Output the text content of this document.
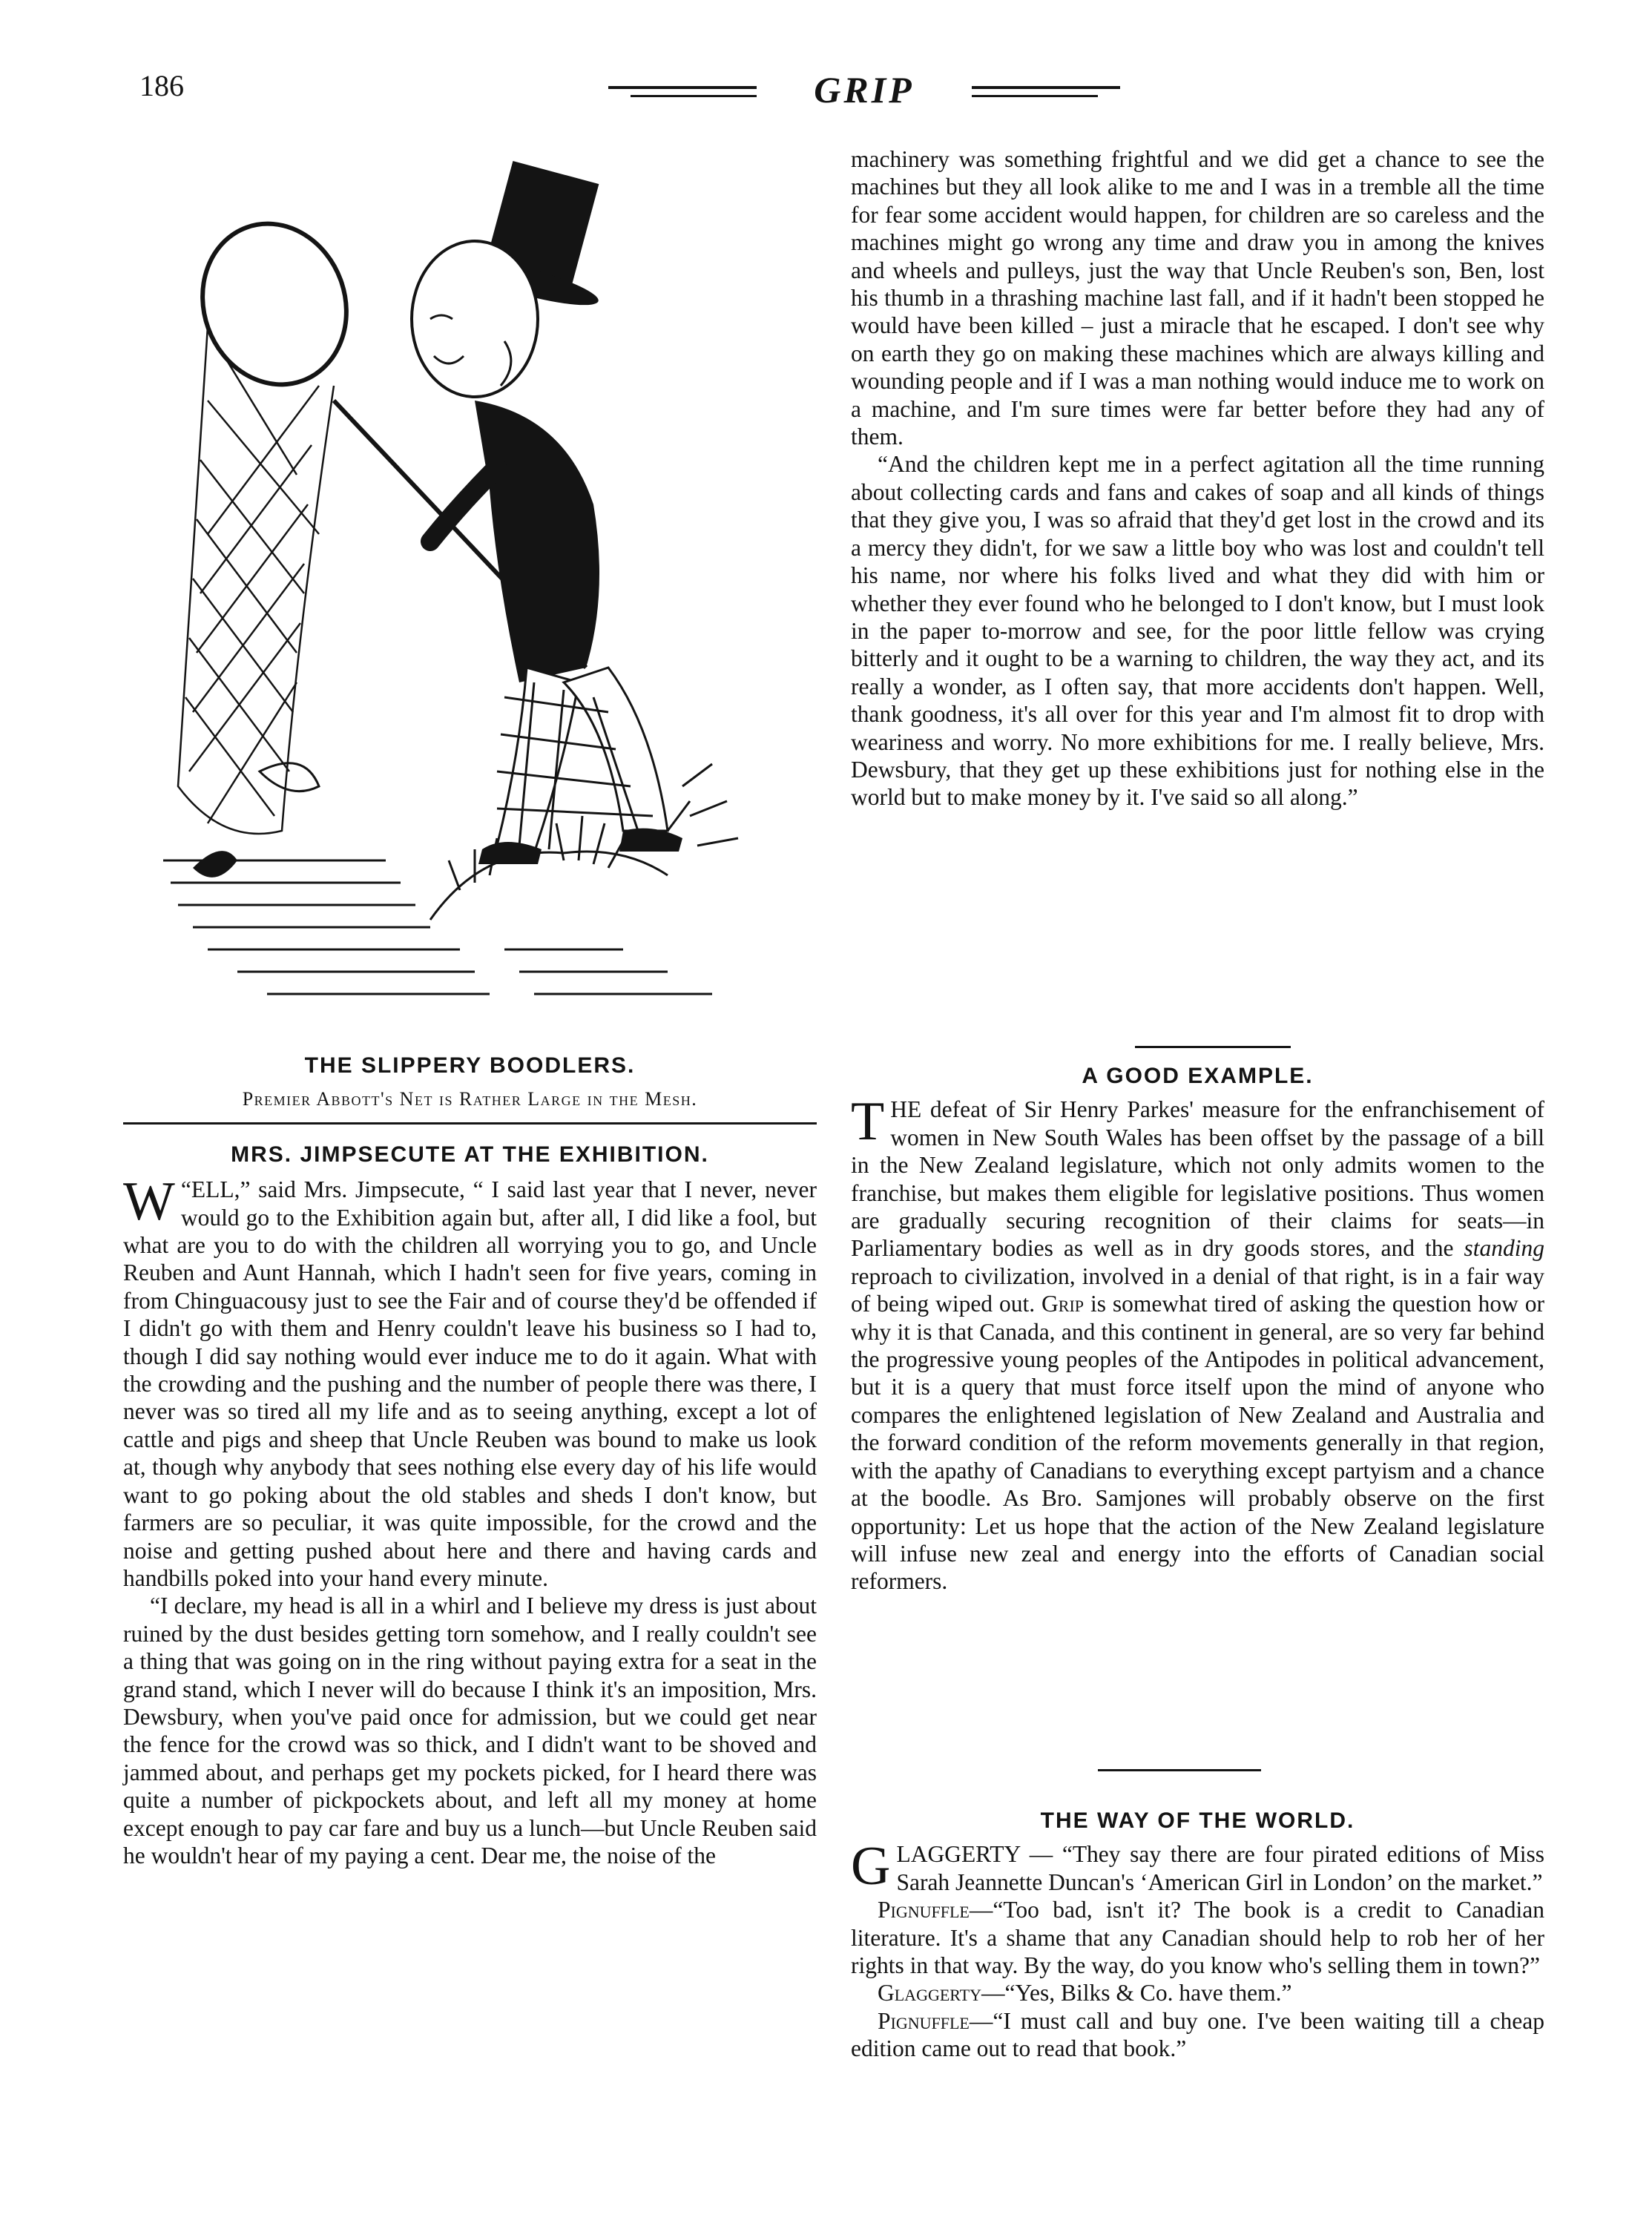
186	GRIP
THE SLIPPERY BOODLERS.
Premier Abbott's Net is Rather Large in the Mesh.
MRS. JIMPSECUTE AT THE EXHIBITION.

“
W ELL,” said Mrs. Jimpsecute, “ I said last year that I never, never would go to the Exhibition again but, after all, I did like a fool, but what are you to do with the children all worrying you to go, and Uncle Reuben and Aunt Hannah, which I hadn't seen for five years, coming in from Chinguacousy just to see the Fair and of course they'd be offended if I didn't go with them and Henry couldn't leave his business so I had to, though I did say nothing would ever induce me to do it again. What with the crowding and the pushing and the number of people there was there, I never was so tired all my life and as to seeing anything, except a lot of cattle and pigs and sheep that Uncle Reuben was bound to make us look at, though why anybody that sees nothing else every day of his life would want to go poking about the old stables and sheds I don't know, but farmers are so peculiar, it was quite impossible, for the crowd and the noise and getting pushed about here and there and having cards and handbills poked into your hand every minute.

“I declare, my head is all in a whirl and I believe my dress is just about ruined by the dust besides getting torn somehow, and I really couldn't see a thing that was going on in the ring without paying extra for a seat in the grand stand, which I never will do because I think it's an imposition, Mrs. Dewsbury, when you've paid once for admission, but we could get near the fence for the crowd was so thick, and I didn't want to be shoved and jammed about, and perhaps get my pockets picked, for I heard there was quite a number of pickpockets about, and left all my money at home except enough to pay car fare and buy us a lunch—but Uncle Reuben said he wouldn't hear of my paying a cent. Dear me, the noise of the

machinery was something frightful and we did get a chance to see the machines but they all look alike to me and I was in a tremble all the time for fear some accident would happen, for children are so careless and the machines might go wrong any time and draw you in among the knives and wheels and pulleys, just the way that Uncle Reuben's son, Ben, lost his thumb in a thrashing machine last fall, and if it hadn't been stopped he would have been killed – just a miracle that he escaped. I don't see why on earth they go on making these machines which are always killing and wounding people and if I was a man nothing would induce me to work on a machine, and I'm sure times were far better before they had any of them.

“And the children kept me in a perfect agitation all the time running about collecting cards and fans and cakes of soap and all kinds of things that they give you, I was so afraid that they'd get lost in the crowd and its a mercy they didn't, for we saw a little boy who was lost and couldn't tell his name, nor where his folks lived and what they did with him or whether they ever found who he belonged to I don't know, but I must look in the paper to-morrow and see, for the poor little fellow was crying bitterly and it ought to be a warning to children, the way they act, and its really a wonder, as I often say, that more accidents don't happen. Well, thank goodness, it's all over for this year and I'm almost fit to drop with weariness and worry. No more exhibitions for me. I really believe, Mrs. Dewsbury, that they get up these exhibitions just for nothing else in the world but to make money by it. I've said so all along.”

A GOOD EXAMPLE.

THE defeat of Sir Henry Parkes' measure for the enfranchisement of women in New South Wales has been offset by the passage of a bill in the New Zealand legislature, which not only admits women to the franchise, but makes them eligible for legislative positions. Thus women are gradually securing recognition of their claims for seats—in Parliamentary bodies as well as in dry goods stores, and the standing reproach to civilization, involved in a denial of that right, is in a fair way of being wiped out. Grip is somewhat tired of asking the question how or why it is that Canada, and this continent in general, are so very far behind the progressive young peoples of the Antipodes in political advancement, but it is a query that must force itself upon the mind of anyone who compares the enlightened legislation of New Zealand and Australia and the forward condition of the reform movements generally in that region, with the apathy of Canadians to everything except partyism and a chance at the boodle. As Bro. Samjones will probably observe on the first opportunity: Let us hope that the action of the New Zealand legislature will infuse new zeal and energy into the efforts of Canadian social reformers.

THE WAY OF THE WORLD.

GLAGGERTY — “They say there are four pirated editions of Miss Sarah Jeannette Duncan's ‘American Girl in London’ on the market.”

Pignuffle—“Too bad, isn't it? The book is a credit to Canadian literature. It's a shame that any Canadian should help to rob her of her rights in that way. By the way, do you know who's selling them in town?”

Glaggerty—“Yes, Bilks & Co. have them.”

Pignuffle—“I must call and buy one. I've been waiting till a cheap edition came out to read that book.”
